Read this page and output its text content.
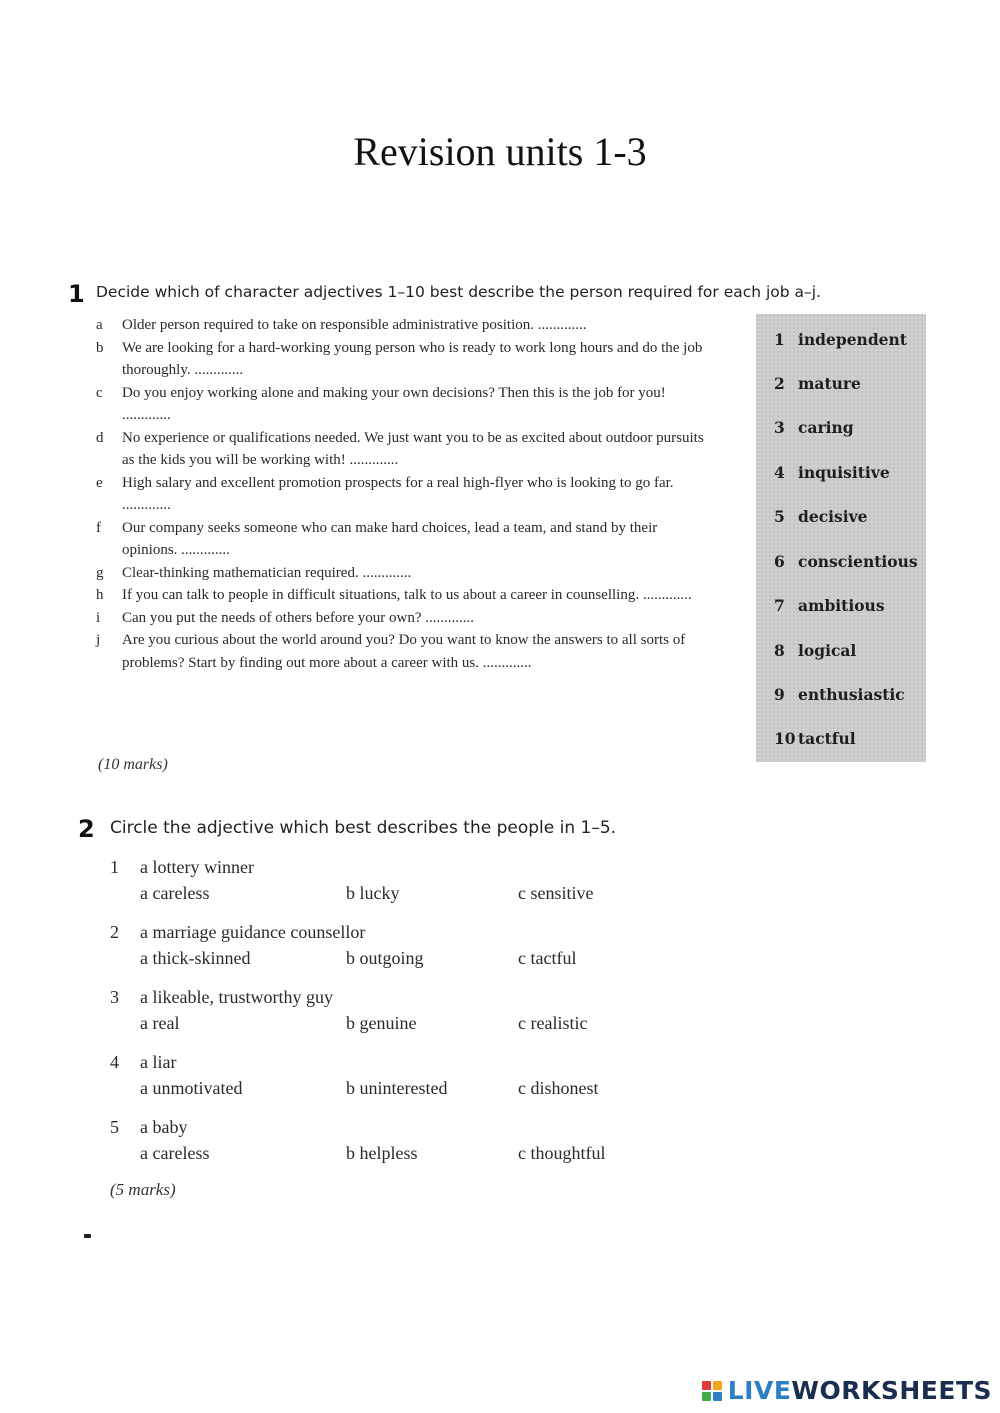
Revision units 1-3
1 Decide which of character adjectives 1–10 best describe the person required for each job a–j.
a Older person required to take on responsible administrative position. .............
b We are looking for a hard-working young person who is ready to work long hours and do the job thoroughly. .............
c Do you enjoy working alone and making your own decisions? Then this is the job for you! .............
d No experience or qualifications needed. We just want you to be as excited about outdoor pursuits as the kids you will be working with! .............
e High salary and excellent promotion prospects for a real high-flyer who is looking to go far. .............
f Our company seeks someone who can make hard choices, lead a team, and stand by their opinions. .............
g Clear-thinking mathematician required. .............
h If you can talk to people in difficult situations, talk to us about a career in counselling. .............
i Can you put the needs of others before your own? .............
j Are you curious about the world around you? Do you want to know the answers to all sorts of problems? Start by finding out more about a career with us. .............
1 independent
2 mature
3 caring
4 inquisitive
5 decisive
6 conscientious
7 ambitious
8 logical
9 enthusiastic
10 tactful
(10 marks)
2 Circle the adjective which best describes the people in 1–5.
1 a lottery winner
a careless	b lucky	c sensitive
2 a marriage guidance counsellor
a thick-skinned	b outgoing	c tactful
3 a likeable, trustworthy guy
a real	b genuine	c realistic
4 a liar
a unmotivated	b uninterested	c dishonest
5 a baby
a careless	b helpless	c thoughtful
(5 marks)
LIVEWORKSHEETS
